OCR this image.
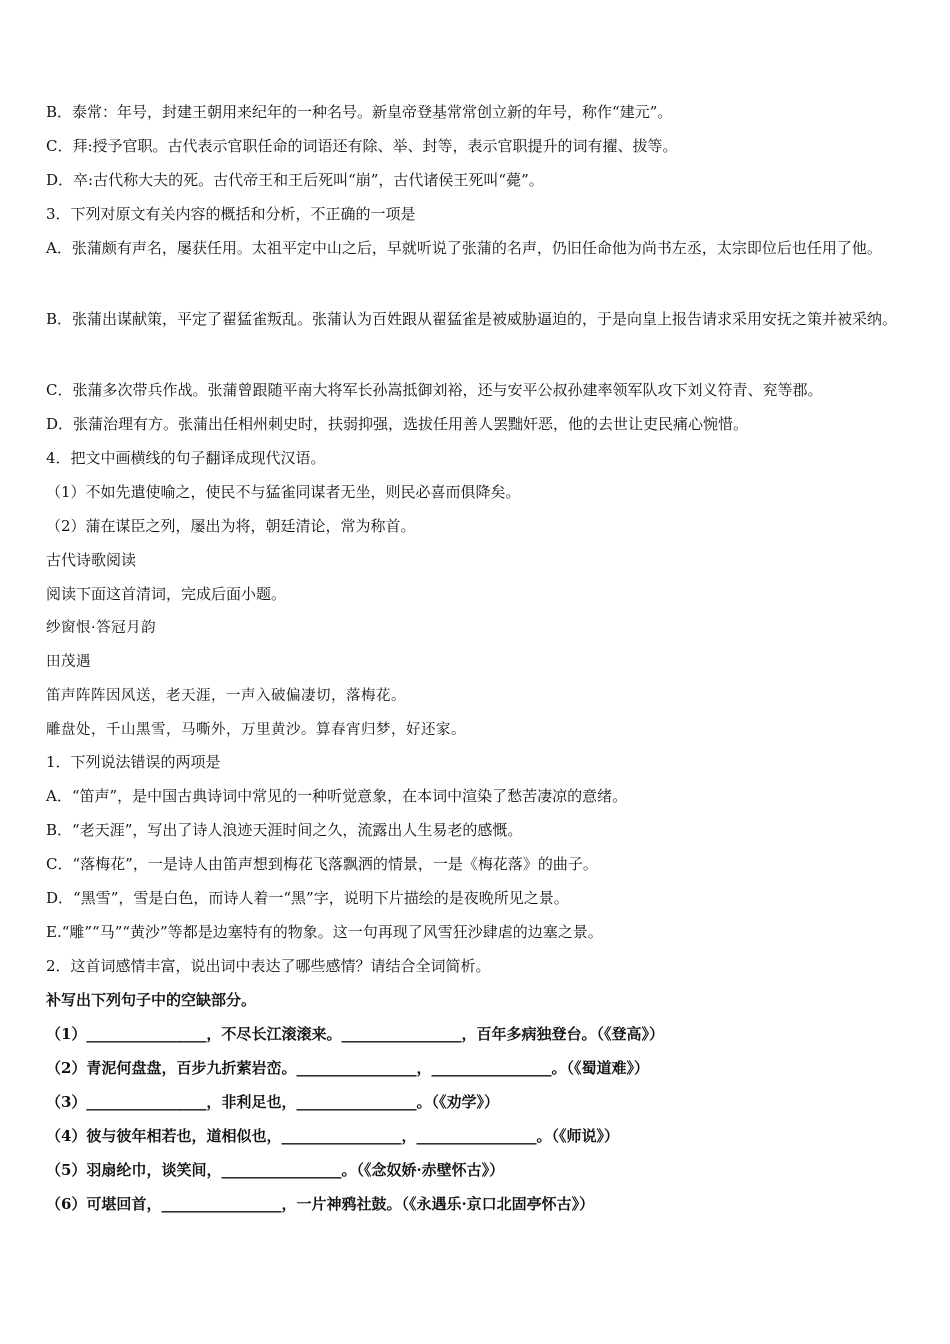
B．泰常：年号，封建王朝用来纪年的一种名号。新皇帝登基常常创立新的年号，称作“建元”。
C．拜:授予官职。古代表示官职任命的词语还有除、举、封等，表示官职提升的词有擢、拔等。
D．卒:古代称大夫的死。古代帝王和王后死叫“崩”，古代诸侯王死叫“薨”。
3．下列对原文有关内容的概括和分析，不正确的一项是
A．张蒲颇有声名，屡获任用。太祖平定中山之后，早就听说了张蒲的名声，仍旧任命他为尚书左丞，太宗即位后也任用了他。
B．张蒲出谋献策，平定了翟猛雀叛乱。张蒲认为百姓跟从翟猛雀是被威胁逼迫的，于是向皇上报告请求采用安抚之策并被采纳。
C．张蒲多次带兵作战。张蒲曾跟随平南大将军长孙嵩抵御刘裕，还与安平公叔孙建率领军队攻下刘义符青、兖等郡。
D．张蒲治理有方。张蒲出任相州刺史时，扶弱抑强，选拔任用善人罢黜奸恶，他的去世让吏民痛心惋惜。
4．把文中画横线的句子翻译成现代汉语。
（1）不如先遣使喻之，使民不与猛雀同谋者无坐，则民必喜而俱降矣。
（2）蒲在谋臣之列，屡出为将，朝廷清论，常为称首。
古代诗歌阅读
阅读下面这首清词，完成后面小题。
纱窗恨·答冠月韵
田茂遇
笛声阵阵因风送，老天涯，一声入破偏凄切，落梅花。
雕盘处，千山黑雪，马嘶外，万里黄沙。算春宵归梦，好还家。
1．下列说法错误的两项是
A．“笛声”，是中国古典诗词中常见的一种听觉意象，在本词中渲染了愁苦凄凉的意绪。
B．“老天涯”，写出了诗人浪迹天涯时间之久，流露出人生易老的感慨。
C．“落梅花”，一是诗人由笛声想到梅花飞落飘洒的情景，一是《梅花落》的曲子。
D．“黑雪”，雪是白色，而诗人着一“黑”字，说明下片描绘的是夜晚所见之景。
E.“雕”“马”“黄沙”等都是边塞特有的物象。这一句再现了风雪狂沙肆虐的边塞之景。
2．这首词感情丰富，说出词中表达了哪些感情？请结合全词简析。
补写出下列句子中的空缺部分。
（1）________________，不尽长江滚滚来。________________，百年多病独登台。（《登高》）
（2）青泥何盘盘，百步九折萦岩峦。________________，________________。（《蜀道难》）
（3）________________，非利足也，________________。（《劝学》）
（4）彼与彼年相若也，道相似也，________________，________________。（《师说》）
（5）羽扇纶巾，谈笑间，________________。（《念奴娇·赤壁怀古》）
（6）可堪回首，________________，一片神鸦社鼓。（《永遇乐·京口北固亭怀古》）
